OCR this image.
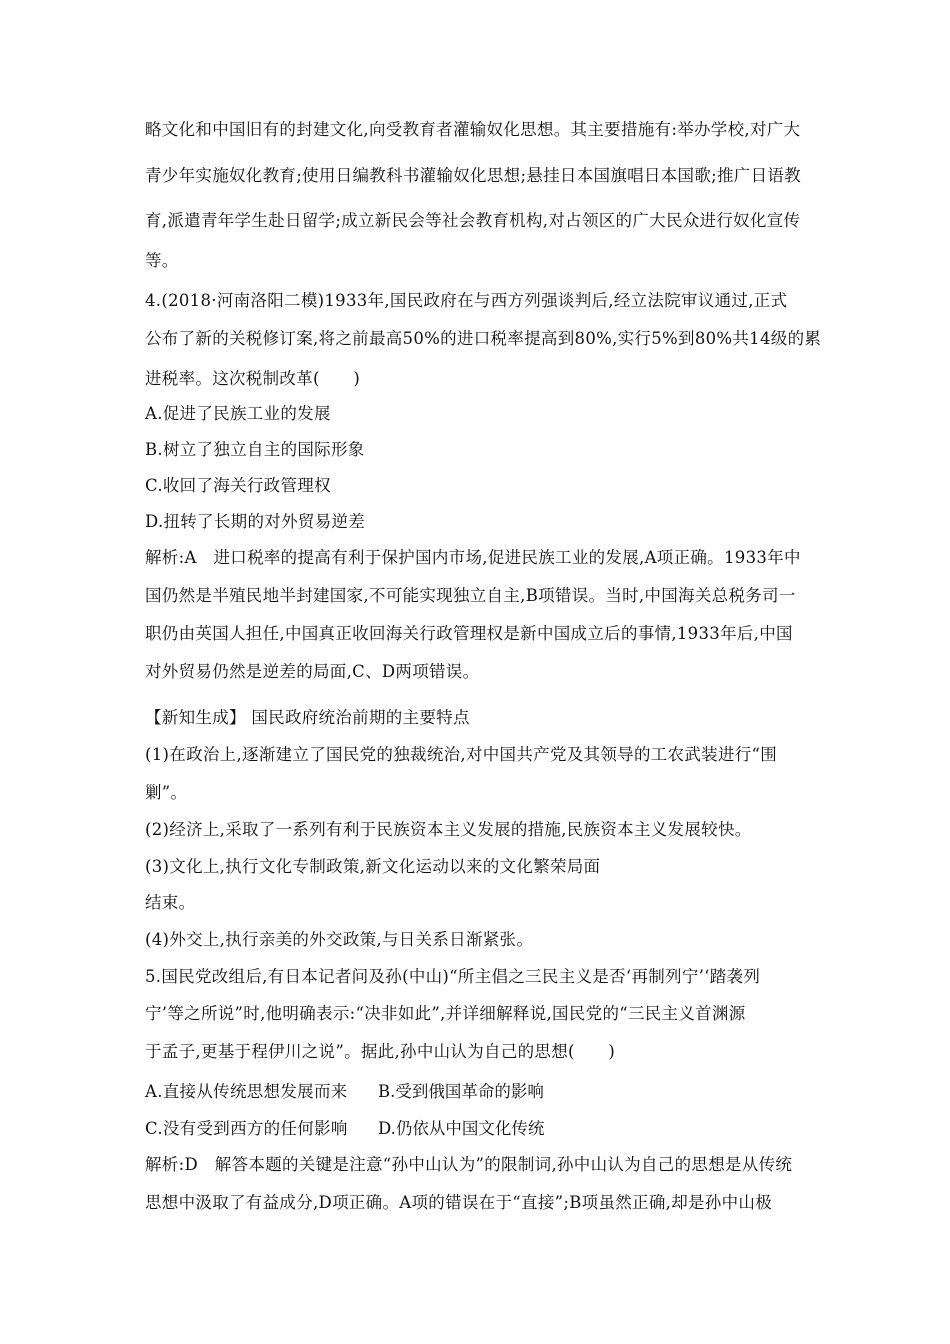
略文化和中国旧有的封建文化,向受教育者灌输奴化思想。其主要措施有:举办学校,对广大
青少年实施奴化教育;使用日编教科书灌输奴化思想;悬挂日本国旗唱日本国歌;推广日语教
育,派遣青年学生赴日留学;成立新民会等社会教育机构,对占领区的广大民众进行奴化宣传
等。
4.(2018·河南洛阳二模)1933年,国民政府在与西方列强谈判后,经立法院审议通过,正式
公布了新的关税修订案,将之前最高50%的进口税率提高到80%,实行5%到80%共14级的累
进税率。这次税制改革(　　)
A.促进了民族工业的发展
B.树立了独立自主的国际形象
C.收回了海关行政管理权
D.扭转了长期的对外贸易逆差
解析:A　进口税率的提高有利于保护国内市场,促进民族工业的发展,A项正确。1933年中
国仍然是半殖民地半封建国家,不可能实现独立自主,B项错误。当时,中国海关总税务司一
职仍由英国人担任,中国真正收回海关行政管理权是新中国成立后的事情,1933年后,中国
对外贸易仍然是逆差的局面,C、D两项错误。
【新知生成】 国民政府统治前期的主要特点
(1)在政治上,逐渐建立了国民党的独裁统治,对中国共产党及其领导的工农武装进行“围
剿”。
(2)经济上,采取了一系列有利于民族资本主义发展的措施,民族资本主义发展较快。
(3)文化上,执行文化专制政策,新文化运动以来的文化繁荣局面
结束。
(4)外交上,执行亲美的外交政策,与日关系日渐紧张。
5.国民党改组后,有日本记者问及孙(中山)“所主倡之三民主义是否‘再制列宁’‘踏袭列
宁’等之所说”时,他明确表示:“决非如此”,并详细解释说,国民党的“三民主义首渊源
于孟子,更基于程伊川之说”。据此,孙中山认为自己的思想(　　)
A.直接从传统思想发展而来 B.受到俄国革命的影响
C.没有受到西方的任何影响 D.仍依从中国文化传统
解析:D　解答本题的关键是注意“孙中山认为”的限制词,孙中山认为自己的思想是从传统
思想中汲取了有益成分,D项正确。A项的错误在于“直接”;B项虽然正确,却是孙中山极
